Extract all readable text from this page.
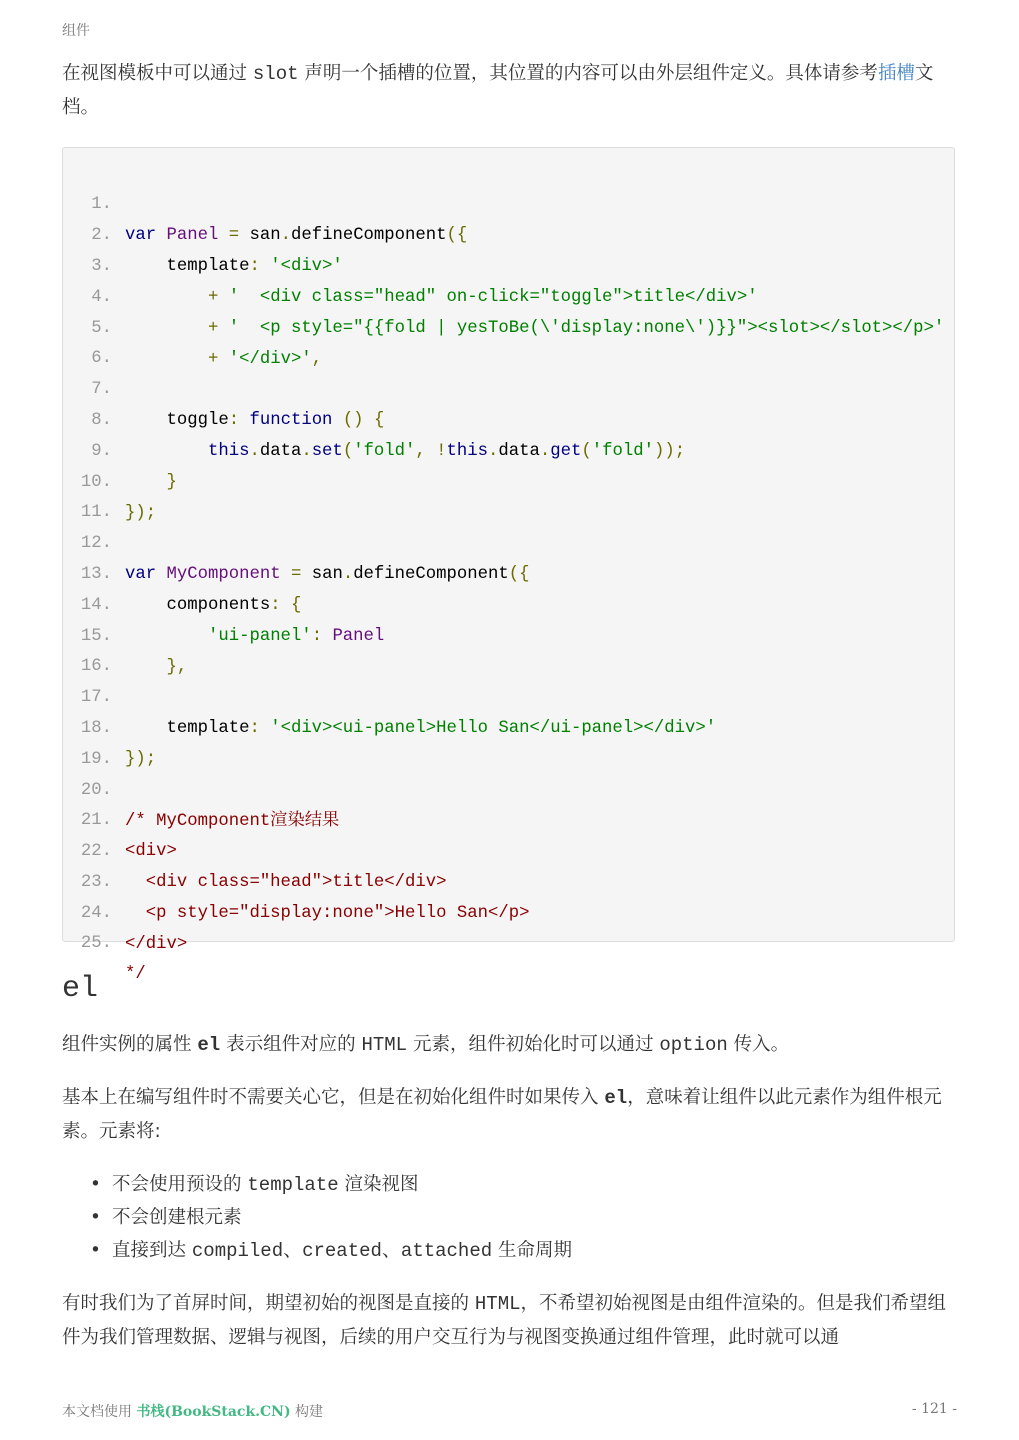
组件
在视图模板中可以通过 slot 声明一个插槽的位置，其位置的内容可以由外层组件定义。具体请参考插槽文档。

1.

var Panel = san.defineComponent({

2.

template: '<div>'

3.

+ '  <div class="head" on-click="toggle">title</div>'

4.

+ '  <p style="{{fold | yesToBe(\'display:none\')}}"><slot></slot></p>'

5.

+ '</div>',

6.

7.

toggle: function () {

8.

this.data.set('fold', !this.data.get('fold'));

9.

}

10.

});

11.

12.

var MyComponent = san.defineComponent({

13.

components: {

14.

'ui-panel': Panel

15.

},

16.

17.

template: '<div><ui-panel>Hello San</ui-panel></div>'

18.

});

19.

20.

/* MyComponent渲染结果

21.

<div>

22.

<div class="head">title</div>

23.

<p style="display:none">Hello San</p>

24.

</div>

25.

*/

el
组件实例的属性 el 表示组件对应的 HTML 元素，组件初始化时可以通过 option 传入。
基本上在编写组件时不需要关心它，但是在初始化组件时如果传入 el，意味着让组件以此元素作为组件根元素。元素将:
• 不会使用预设的 template 渲染视图
• 不会创建根元素
• 直接到达 compiled、created、attached 生命周期
有时我们为了首屏时间，期望初始的视图是直接的 HTML，不希望初始视图是由组件渲染的。但是我们希望组件为我们管理数据、逻辑与视图，后续的用户交互行为与视图变换通过组件管理，此时就可以通
本文档使用 书栈(BookStack.CN) 构建	- 121 -
